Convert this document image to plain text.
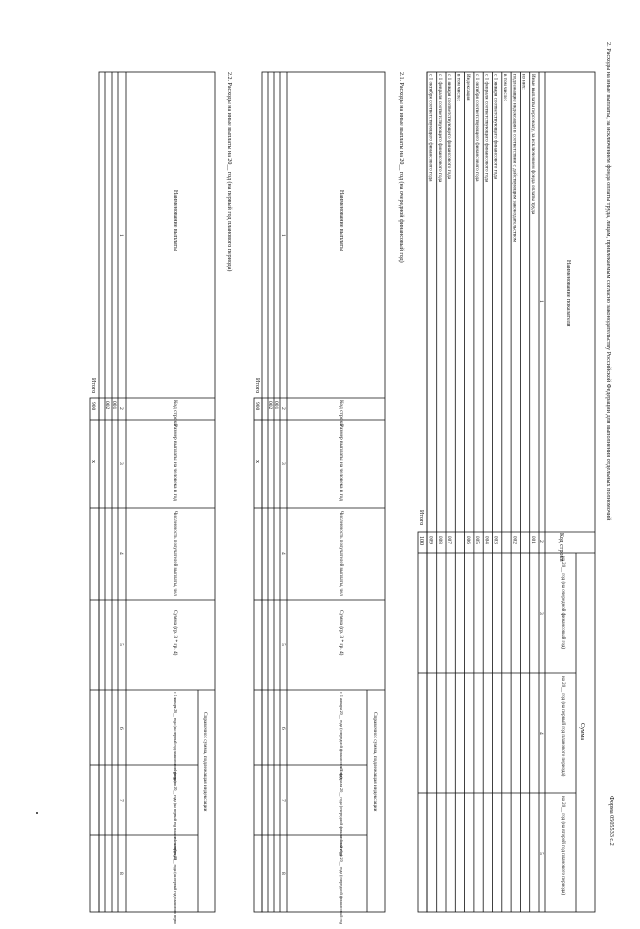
2. Расходы на иные выплаты, за исключением фонда оплаты труда, лицам, привлекаемым согласно законодательству Российской Федерации для выполнения отдельных полномочий
Форма 0505533 с.2
Наименование показателя
Код строки
Сумма
на 20__ год (на очередной финансовый год)
на 20__ год (на первый год планового периода)
на 20__ год (на второй год планового периода)
1
2
3
4
5
Иные выплаты персоналу, за исключением фонда оплаты труда
001
из них:
подлежащие индексации в соответствии с действующим законодательством
002
в том числе:
с 1 января соответствующего финансового года
003
с 1 февраля соответствующего финансового года
004
с 1 октября соответствующего финансового года
005
Индексация
006
в том числе:
с 1 января соответствующего финансового года
007
с 1 февраля соответствующего финансового года
008
с 1 октября соответствующего финансового года
009
Итого
100
2.1. Расходы на иные выплаты на 20__ год (на очередной финансовый год)
Наименование выплаты
Код строки
Размер выплаты на человека в год
Численность получателей выплаты, чел
Сумма (гр. 3 * гр. 4)
Справочно: сумма, подлежащая индексации
с 1 января 20__ года (очередной финансовый год)
с 1 февраля 20__ года (очередной финансовый год)
с 1 октября 20__ года (очередной финансовый год)
1
2
3
4
5
6
7
8
001
002
Итого
900
x
2.2. Расходы на иные выплаты на 20__ год (на первый год планового периода)
Наименование выплаты
Код строки
Размер выплаты на человека в год
Численность получателей выплаты, чел
Сумма (гр. 3 * гр. 4)
Справочно: сумма, подлежащая индексации
с 1 января 20__ года (на первый год планового периода)
с 1 февраля 20__ года (на первый год планового периода)
с 1 октября 20__ года (на первый год планового периода)
1
2
3
4
5
6
7
8
001
002
Итого
900
x
